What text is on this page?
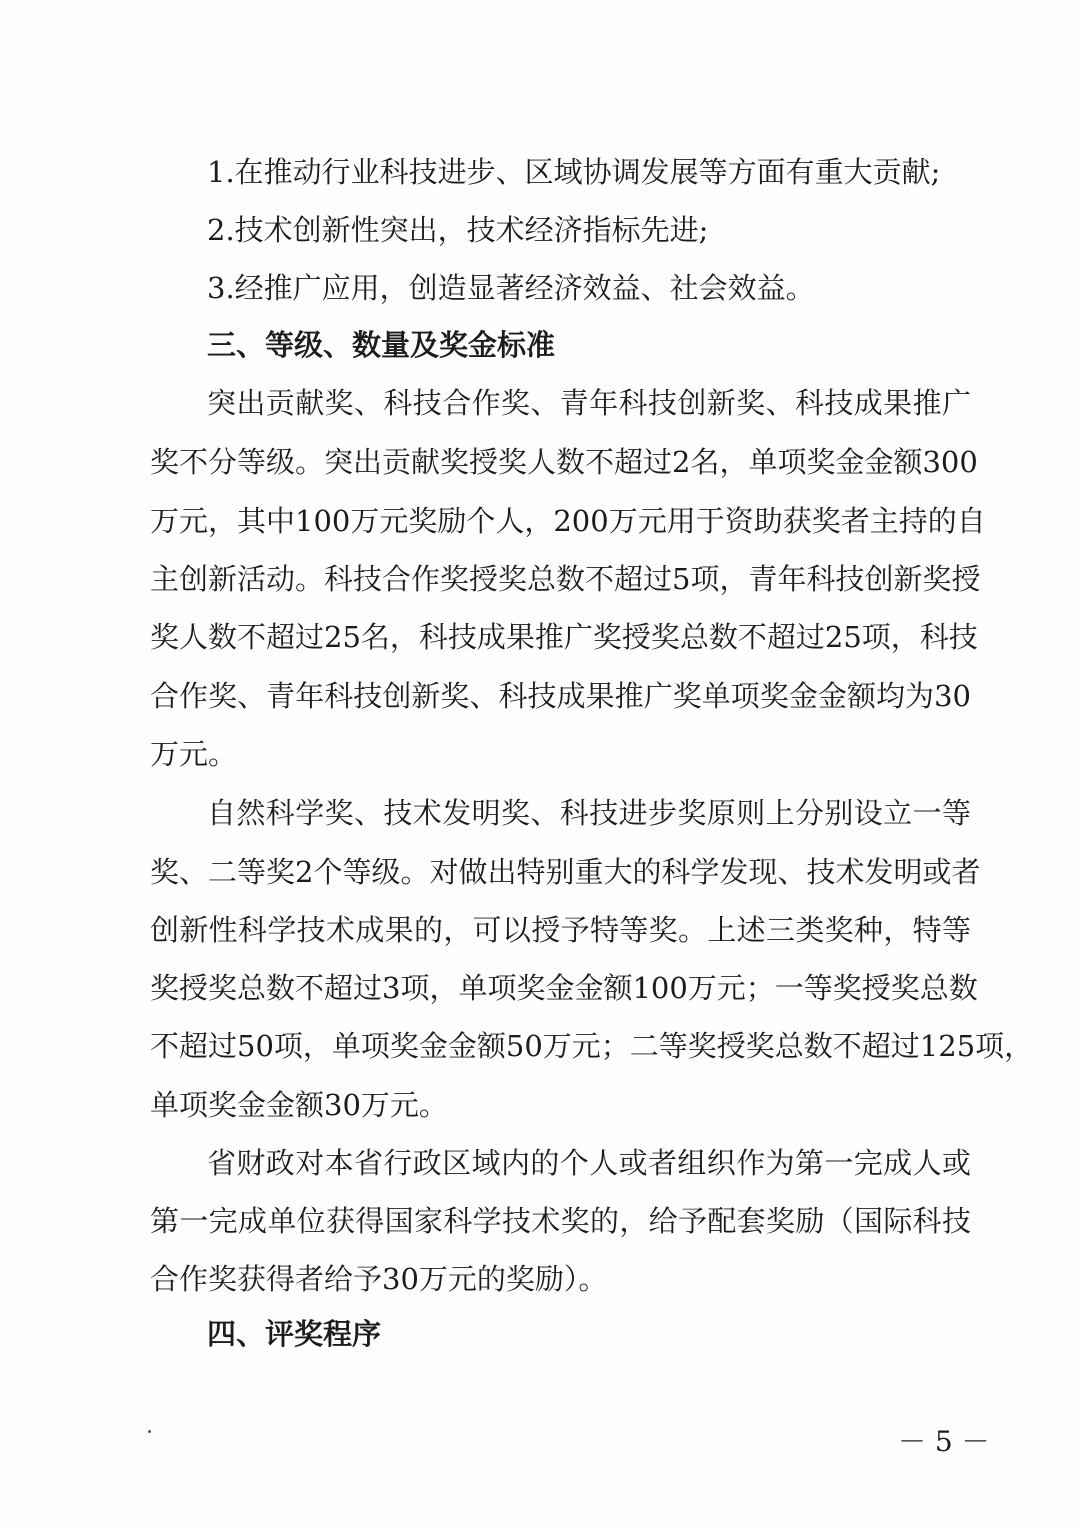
1.在推动行业科技进步、区域协调发展等方面有重大贡献;
2.技术创新性突出，技术经济指标先进;
3.经推广应用，创造显著经济效益、社会效益。
三、等级、数量及奖金标准
突出贡献奖、科技合作奖、青年科技创新奖、科技成果推广
奖不分等级。突出贡献奖授奖人数不超过2名，单项奖金金额300
万元，其中100万元奖励个人，200万元用于资助获奖者主持的自
主创新活动。科技合作奖授奖总数不超过5项，青年科技创新奖授
奖人数不超过25名，科技成果推广奖授奖总数不超过25项，科技
合作奖、青年科技创新奖、科技成果推广奖单项奖金金额均为30
万元。
自然科学奖、技术发明奖、科技进步奖原则上分别设立一等
奖、二等奖2个等级。对做出特别重大的科学发现、技术发明或者
创新性科学技术成果的，可以授予特等奖。上述三类奖种，特等
奖授奖总数不超过3项，单项奖金金额100万元；一等奖授奖总数
不超过50项，单项奖金金额50万元；二等奖授奖总数不超过125项，
单项奖金金额30万元。
省财政对本省行政区域内的个人或者组织作为第一完成人或
第一完成单位获得国家科学技术奖的，给予配套奖励（国际科技
合作奖获得者给予30万元的奖励）。
四、评奖程序
－ 5 －
